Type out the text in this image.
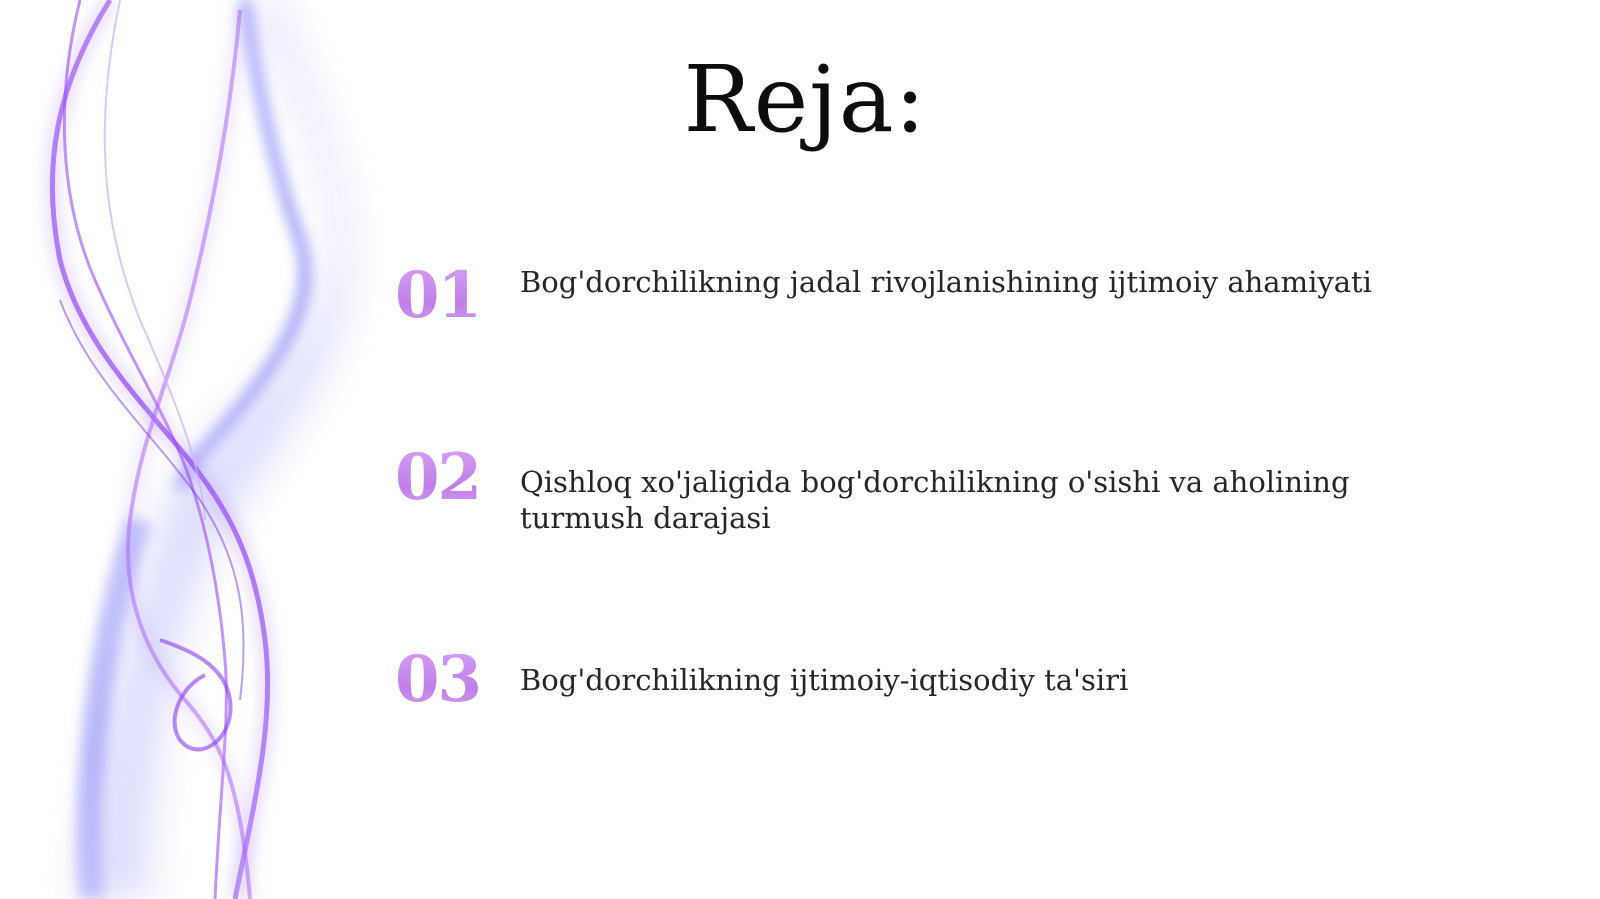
Reja:
01	Bog'dorchilikning jadal rivojlanishining ijtimoiy ahamiyati
02	Qishloq xo'jaligida bog'dorchilikning o'sishi va aholining turmush darajasi
03	Bog'dorchilikning ijtimoiy-iqtisodiy ta'siri
